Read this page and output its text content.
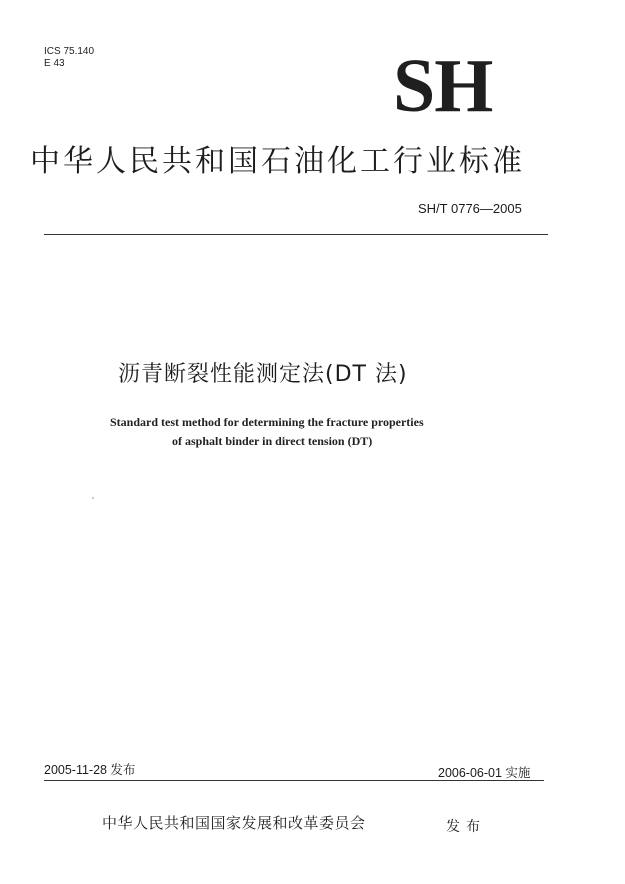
ICS 75.140
E 43	SH
中华人民共和国石油化工行业标准
SH/T 0776—2005
沥青断裂性能测定法(DT 法)
Standard test method for determining the fracture properties
of asphalt binder in direct tension (DT)
2005-11-28 发布	2006-06-01 实施
中华人民共和国国家发展和改革委员会	发布
